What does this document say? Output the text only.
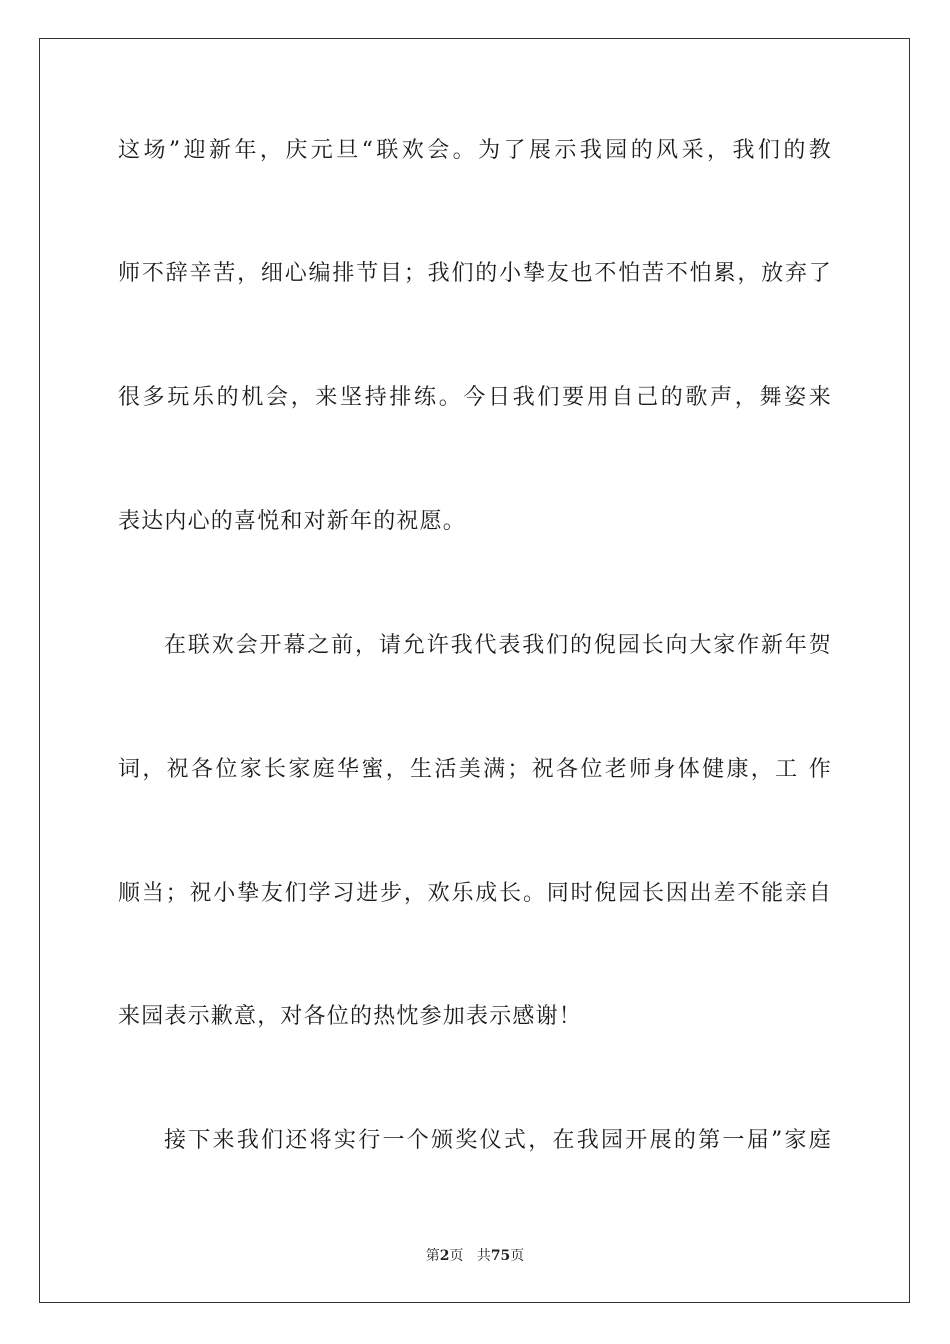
这场”迎新年，庆元旦“联欢会。为了展示我园的风采，我们的教
师不辞辛苦，细心编排节目；我们的小挚友也不怕苦不怕累，放弃了
很多玩乐的机会，来坚持排练。今日我们要用自己的歌声，舞姿来
表达内心的喜悦和对新年的祝愿。
在联欢会开幕之前，请允许我代表我们的倪园长向大家作新年贺
词，祝各位家长家庭华蜜，生活美满；祝各位老师身体健康，工 作
顺当；祝小挚友们学习进步，欢乐成长。同时倪园长因出差不能亲自
来园表示歉意，对各位的热忱参加表示感谢！
接下来我们还将实行一个颁奖仪式，在我园开展的第一届”家庭
第2页 共75页
